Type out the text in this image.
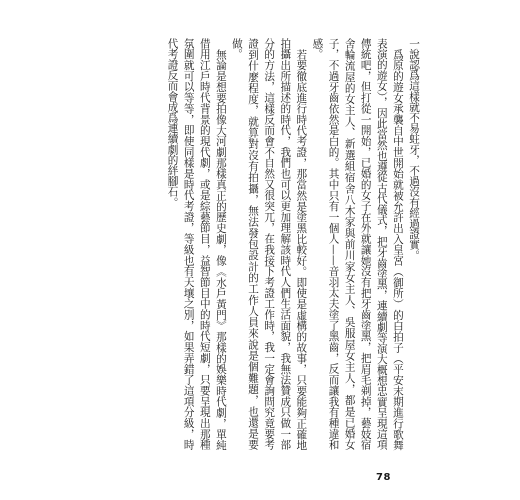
一說認爲這樣就不易蛀牙，不過沒有經過證實。

爲原的遊女承襲自中世開始就被允許出入皇宮（御所）的白拍子（平安末期進行歌舞表演的遊女），因此當然也遵從古代儀式，把牙齒塗黑，連續劇等演大概想忠實呈現這項傳統吧，但打從一開始，已婚的女子在外就讓她沒有把牙齒塗黑，把眉毛剃掉，藝妓宿舍輪流屋的女主人、新選組宿舍八木家與前川家女主人、吳服屋女主人，都是已婚女子，不過牙齒依然是白的。其中只有一個人——音羽太夫塗了黑齒，反而讓我有種違和感。

若要徹底進行時代考證，那當然是塗黑比較好。即使是虛構的故事，只要能夠正確地拍攝出所描述的時代，我們也可以更加理解該時代人們生活面貌，我無法贊成只做一部分的方法，這樣反而會不自然又很突兀，在我接下考證工作時，我一定會詢問究竟要考證到什麼程度，就算對沒有拍攝，無法發包設計的工作人員來說是個難題，也還是要做。

無論是想要拍像大河劇那樣真正的歷史劇，像《水戶黃門》那樣的娛樂時代劇，單純借用江戶時代背景的現代劇，或是綜藝節目，益智節目中的時代短劇，只要呈現出那種氛圍就可以等等，即使同樣是時代考證，等級也有天壤之別，如果弄錯了這項分級，時代考證反而會成爲連續劇的絆腳石。

78
